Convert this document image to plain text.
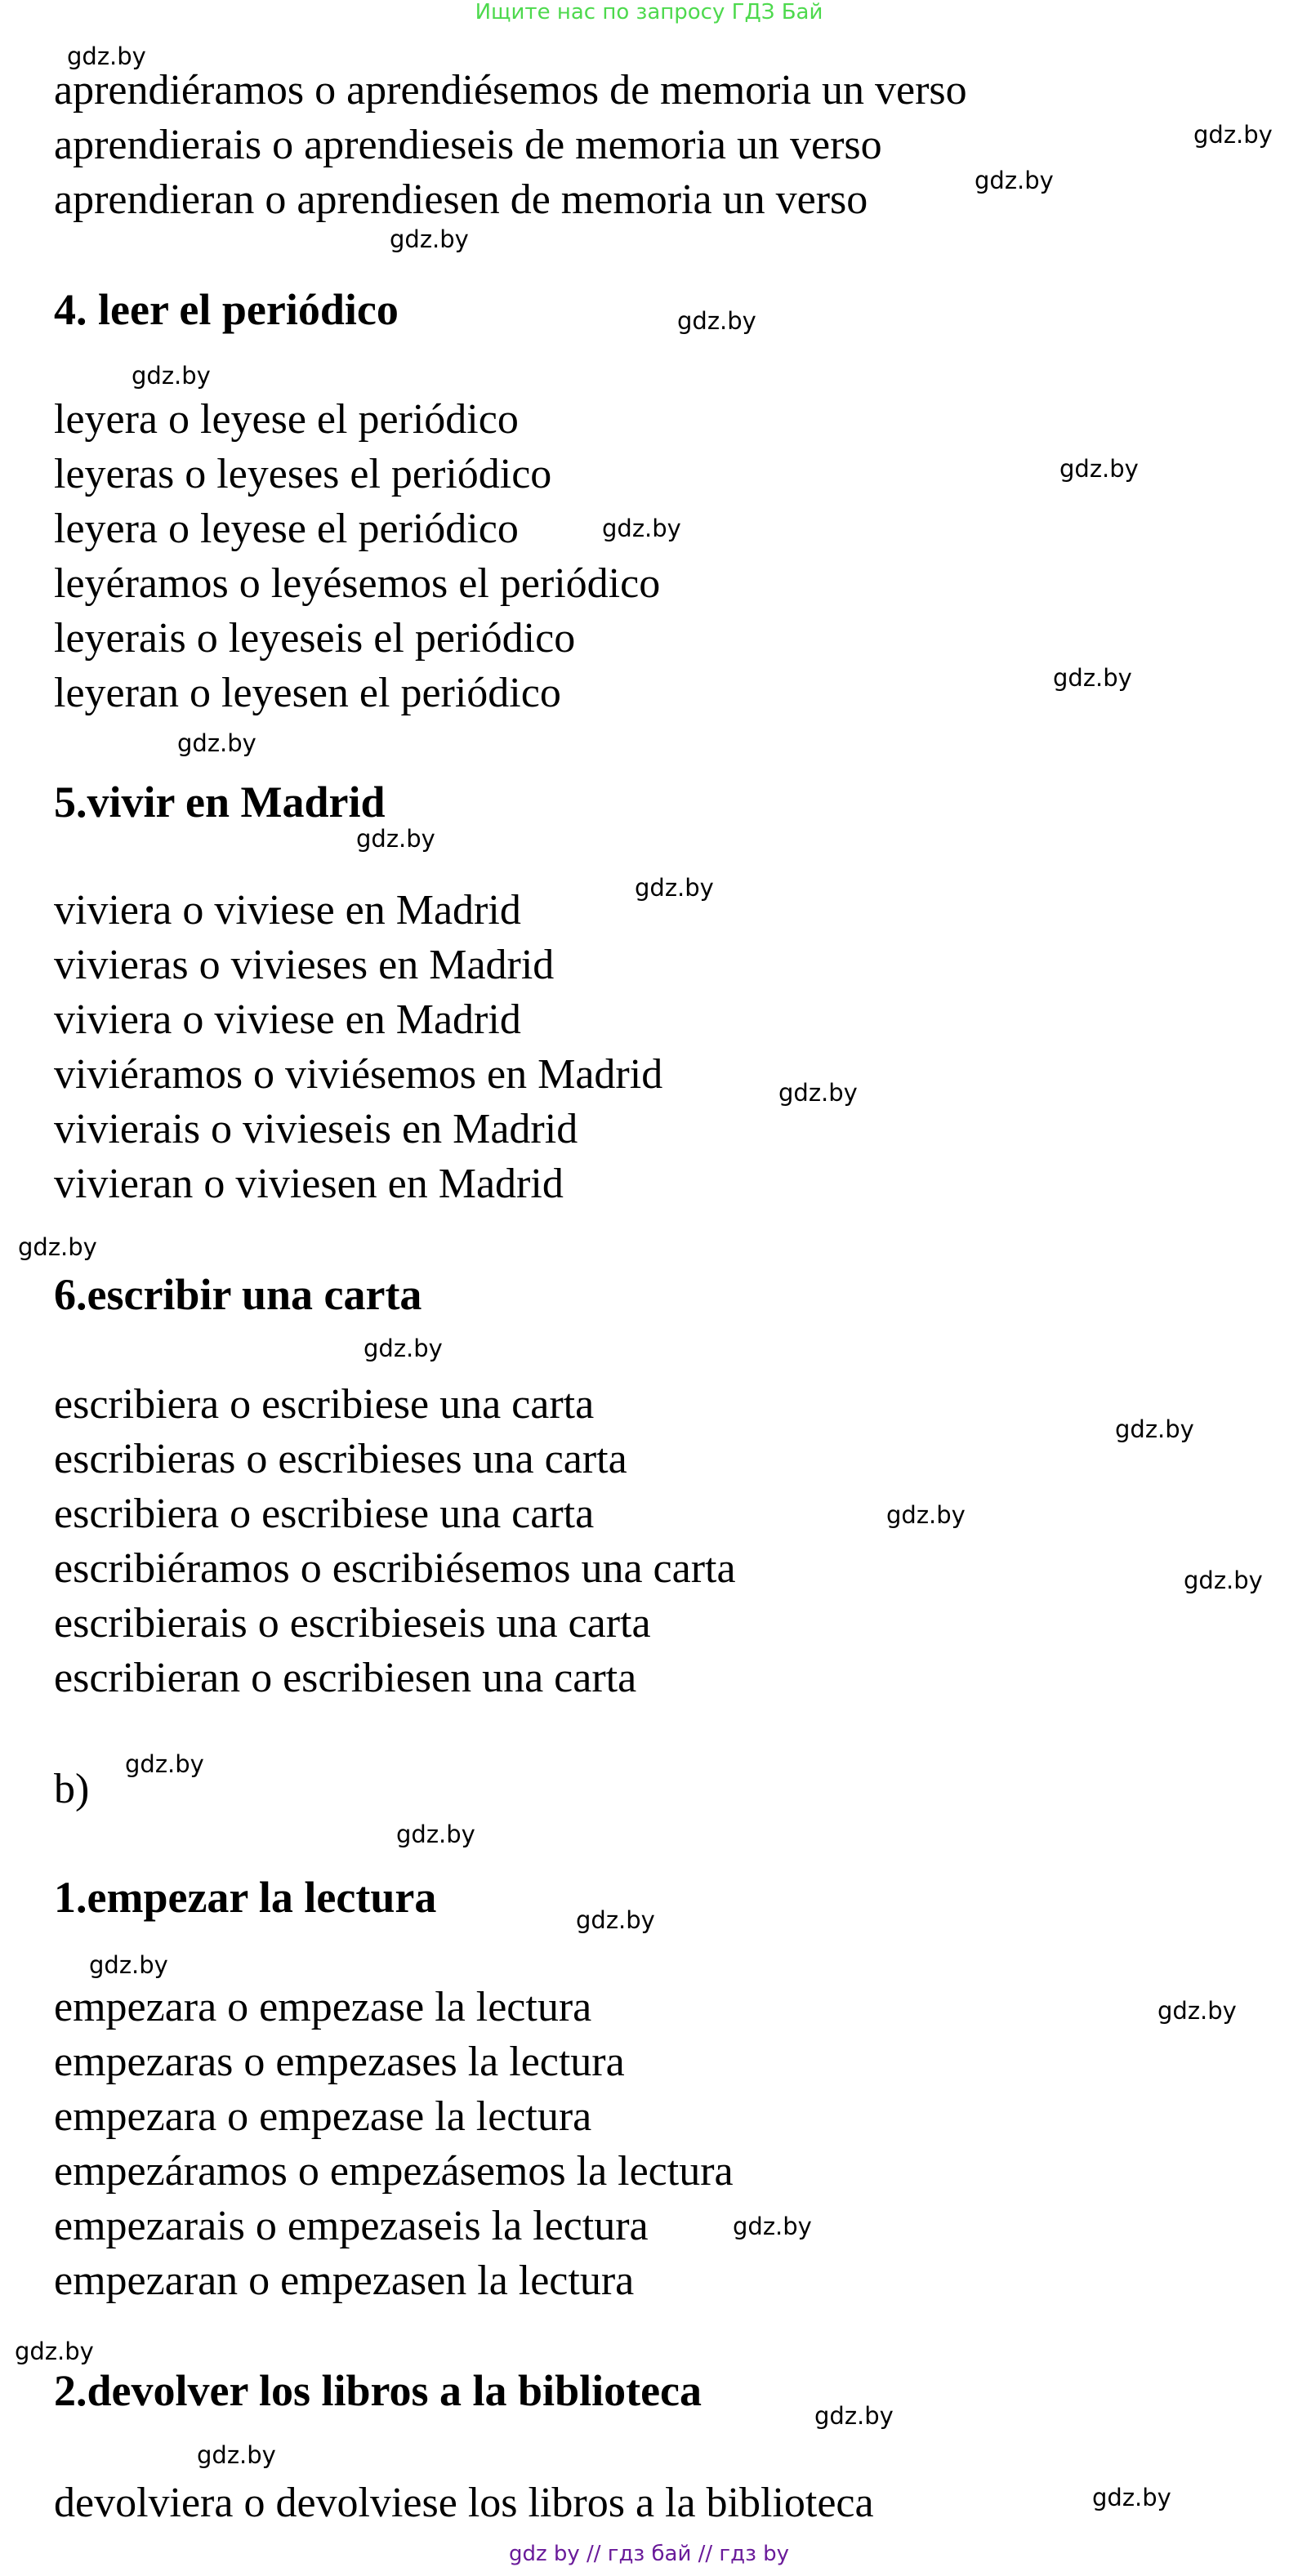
Ищите нас по запросу ГДЗ Бай
aprendiéramos o aprendiésemos de memoria un verso
aprendierais o aprendieseis de memoria un verso
aprendieran o aprendiesen de memoria un verso
4. leer el periódico
leyera o leyese el periódico
leyeras o leyeses el periódico
leyera o leyese el periódico
leyéramos o leyésemos el periódico
leyerais o leyeseis el periódico
leyeran o leyesen el periódico
5.vivir en Madrid
viviera o viviese en Madrid
vivieras o vivieses en Madrid
viviera o viviese en Madrid
viviéramos o viviésemos en Madrid
vivierais o vivieseis en Madrid
vivieran o viviesen en Madrid
6.escribir una carta
escribiera o escribiese una carta
escribieras o escribieses una carta
escribiera o escribiese una carta
escribiéramos o escribiésemos una carta
escribierais o escribieseis una carta
escribieran o escribiesen una carta
b)
1.empezar la lectura
empezara o empezase la lectura
empezaras o empezases la lectura
empezara o empezase la lectura
empezáramos o empezásemos la lectura
empezarais o empezaseis la lectura
empezaran o empezasen la lectura
2.devolver los libros a la biblioteca
devolviera o devolviese los libros a la biblioteca
gdz.by
gdz.by
gdz.by
gdz.by
gdz.by
gdz.by
gdz.by
gdz.by
gdz.by
gdz.by
gdz.by
gdz.by
gdz.by
gdz.by
gdz.by
gdz.by
gdz.by
gdz.by
gdz.by
gdz.by
gdz.by
gdz.by
gdz.by
gdz.by
gdz.by
gdz.by
gdz.by
gdz.by
gdz by // гдз бай // гдз by
